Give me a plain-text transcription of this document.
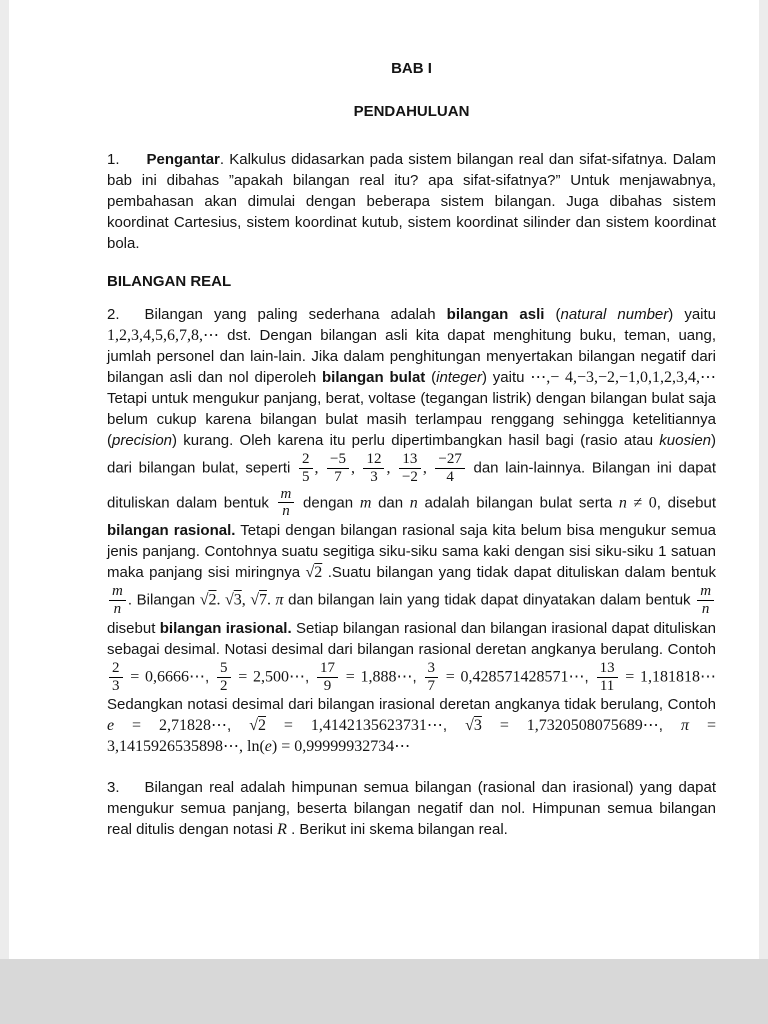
BAB I

PENDAHULUAN

1. Pengantar. Kalkulus didasarkan pada sistem bilangan real dan sifat-sifatnya. Dalam bab ini dibahas ”apakah bilangan real itu? apa sifat-sifatnya?” Untuk menjawabnya, pembahasan akan dimulai dengan beberapa sistem bilangan. Juga dibahas sistem koordinat Cartesius, sistem koordinat kutub, sistem koordinat silinder dan sistem koordinat bola.

BILANGAN REAL

2. Bilangan yang paling sederhana adalah bilangan asli (natural number) yaitu 1,2,3,4,5,6,7,8,⋯ dst. Dengan bilangan asli kita dapat menghitung buku, teman, uang, jumlah personel dan lain-lain. Jika dalam penghitungan menyertakan bilangan negatif dari bilangan asli dan nol diperoleh bilangan bulat (integer) yaitu ⋯,− 4,−3,−2,−1,0,1,2,3,4,⋯ Tetapi untuk mengukur panjang, berat, voltase (tegangan listrik) dengan bilangan bulat saja belum cukup karena bilangan bulat masih terlampau renggang sehingga ketelitiannya (precision) kurang. Oleh karena itu perlu dipertimbangkan hasil bagi (rasio atau kuosien) dari bilangan bulat, seperti $\frac{2}{5}$ , $\frac{-5}{7}$ , $\frac{12}{3}$ , $\frac{13}{-2}$ , $\frac{-27}{4}$ dan lain-lainnya. Bilangan ini dapat dituliskan dalam bentuk $\frac{m}{n}$ dengan m dan n adalah bilangan bulat serta n ≠ 0, disebut bilangan rasional. Tetapi dengan bilangan rasional saja kita belum bisa mengukur semua jenis panjang. Contohnya suatu segitiga siku-siku sama kaki dengan sisi siku-siku 1 satuan maka panjang sisi miringnya √2 .Suatu bilangan yang tidak dapat dituliskan dalam bentuk
$\frac{m}{n}$ . Bilangan √2. √3, √7. π dan bilangan lain yang tidak dapat dinyatakan dalam bentuk $\frac{m}{n}$
disebut bilangan irasional. Setiap bilangan rasional dan bilangan irasional dapat dituliskan sebagai desimal. Notasi desimal dari bilangan rasional deretan angkanya berulang. Contoh
$\frac{2}{3}$ = 0,6666⋯, $\frac{5}{2}$ = 2,500⋯, $\frac{17}{9}$ = 1,888⋯, $\frac{3}{7}$ = 0,428571428571⋯, $\frac{13}{11}$ = 1,181818⋯ Sedangkan notasi desimal dari bilangan irasional deretan angkanya tidak berulang, Contoh e = 2,71828⋯, √2 = 1,4142135623731⋯, √3 = 1,7320508075689⋯, π = 3,1415926535898⋯, ln(e) = 0,99999932734⋯

3. Bilangan real adalah himpunan semua bilangan (rasional dan irasional) yang dapat mengukur semua panjang, beserta bilangan negatif dan nol. Himpunan semua bilangan real ditulis dengan notasi R . Berikut ini skema bilangan real.
